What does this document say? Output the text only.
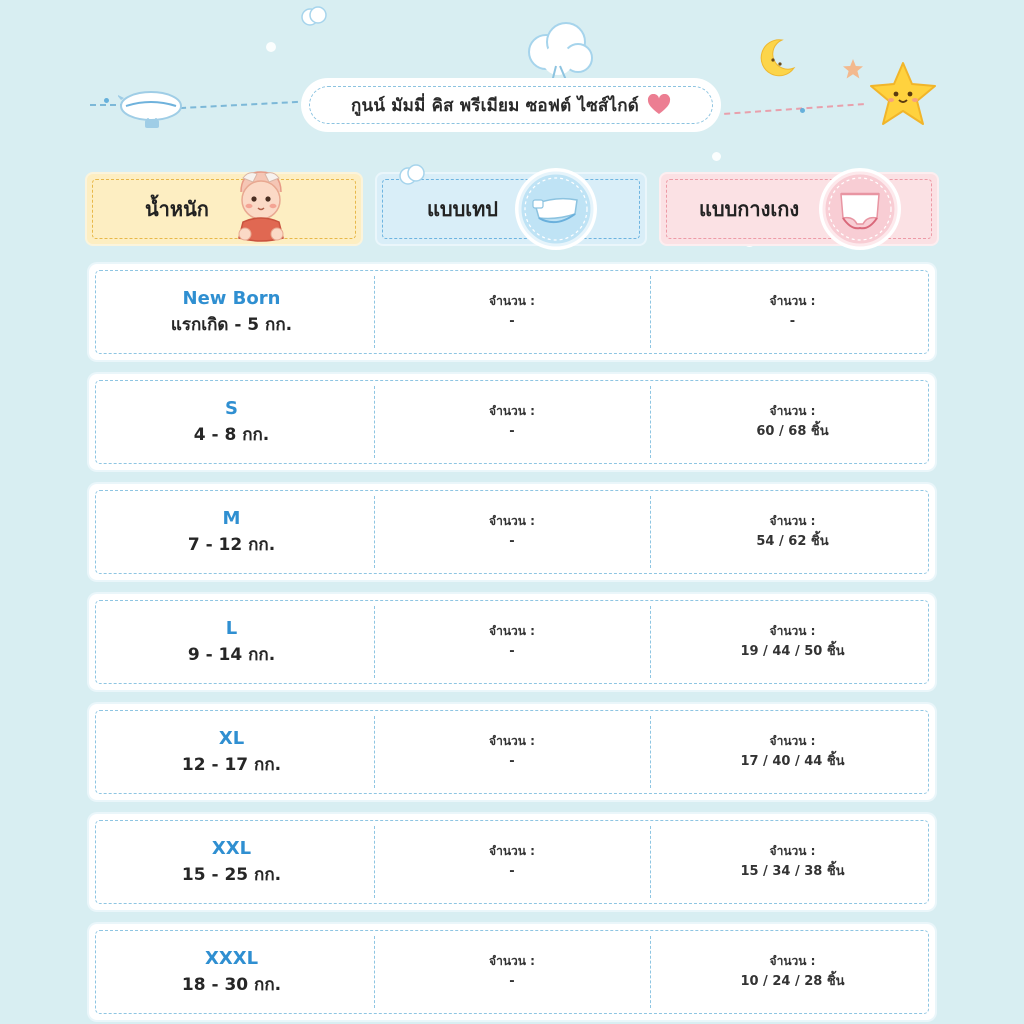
กูนน์ มัมมี่ คิส พรีเมียม ซอฟต์ ไซส์ไกด์
น้ำหนัก	แบบเทป	แบบกางเกง
New Born
แรกเกิด - 5 กก.
จำนวน :
-
จำนวน :
-
S
4 - 8 กก.
จำนวน :
-
จำนวน :
60 / 68 ชิ้น
M
7 - 12 กก.
จำนวน :
-
จำนวน :
54 / 62 ชิ้น
L
9 - 14 กก.
จำนวน :
-
จำนวน :
19 / 44 / 50 ชิ้น
XL
12 - 17 กก.
จำนวน :
-
จำนวน :
17 / 40 / 44 ชิ้น
XXL
15 - 25 กก.
จำนวน :
-
จำนวน :
15 / 34 / 38 ชิ้น
XXXL
18 - 30 กก.
จำนวน :
-
จำนวน :
10 / 24 / 28 ชิ้น
